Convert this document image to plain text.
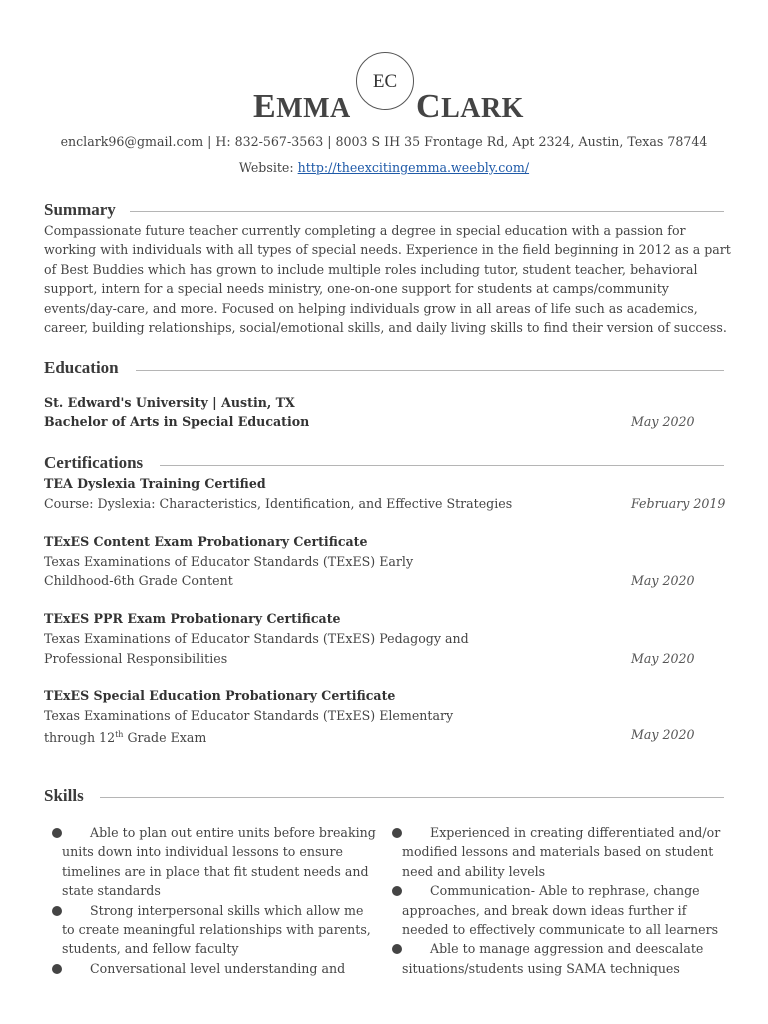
EC
EMMA CLARK
enclark96@gmail.com | H: 832-567-3563 | 8003 S IH 35 Frontage Rd, Apt 2324, Austin, Texas 78744
Website: http://theexcitingemma.weebly.com/
Summary
Compassionate future teacher currently completing a degree in special education with a passion for working with individuals with all types of special needs. Experience in the field beginning in 2012 as a part of Best Buddies which has grown to include multiple roles including tutor, student teacher, behavioral support, intern for a special needs ministry, one-on-one support for students at camps/community events/day-care, and more. Focused on helping individuals grow in all areas of life such as academics, career, building relationships, social/emotional skills, and daily living skills to find their version of success.
Education
St. Edward's University | Austin, TX
Bachelor of Arts in Special Education	May 2020
Certifications
TEA Dyslexia Training Certified
Course: Dyslexia: Characteristics, Identification, and Effective Strategies	February 2019
TExES Content Exam Probationary Certificate
Texas Examinations of Educator Standards (TExES) Early
Childhood-6th Grade Content	May 2020
TExES PPR Exam Probationary Certificate
Texas Examinations of Educator Standards (TExES) Pedagogy and
Professional Responsibilities	May 2020
TExES Special Education Probationary Certificate
Texas Examinations of Educator Standards (TExES) Elementary
through 12th Grade Exam	May 2020
Skills
Able to plan out entire units before breaking units down into individual lessons to ensure timelines are in place that fit student needs and state standards
Strong interpersonal skills which allow me to create meaningful relationships with parents, students, and fellow faculty
Conversational level understanding and
Experienced in creating differentiated and/or modified lessons and materials based on student need and ability levels
Communication- Able to rephrase, change approaches, and break down ideas further if needed to effectively communicate to all learners
Able to manage aggression and deescalate situations/students using SAMA techniques
